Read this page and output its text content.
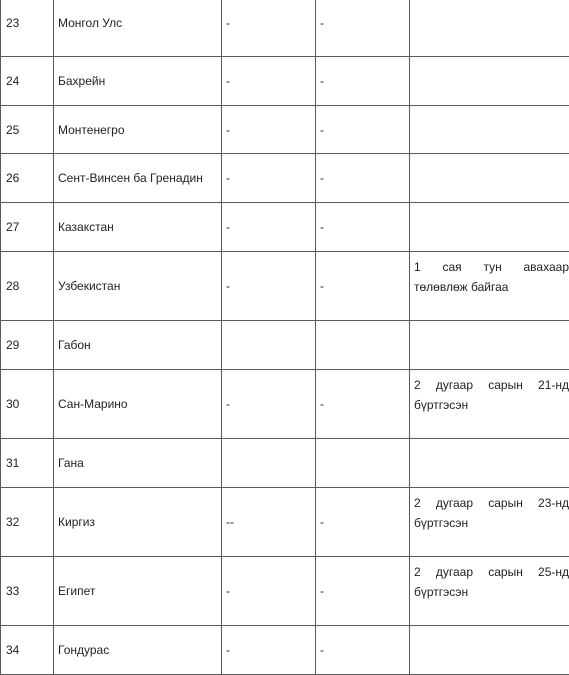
23	Монгол Улс	-	-	

24	Бахрейн	-	-	

25	Монтенегро	-	-	

26	Сент-Винсен ба Гренадин	-	-	

27	Казакстан	-	-	

28	Узбекистан	-	-	1 сая тун авахаар төлөвлөж байгаа

29	Габон			

30	Сан-Марино	-	-	2 дугаар сарын 21-нд бүртгэсэн

31	Гана			

32	Киргиз	--	-	2 дугаар сарын 23-нд бүртгэсэн

33	Египет	-	-	2 дугаар сарын 25-нд бүртгэсэн

34	Гондурас	-	-	
